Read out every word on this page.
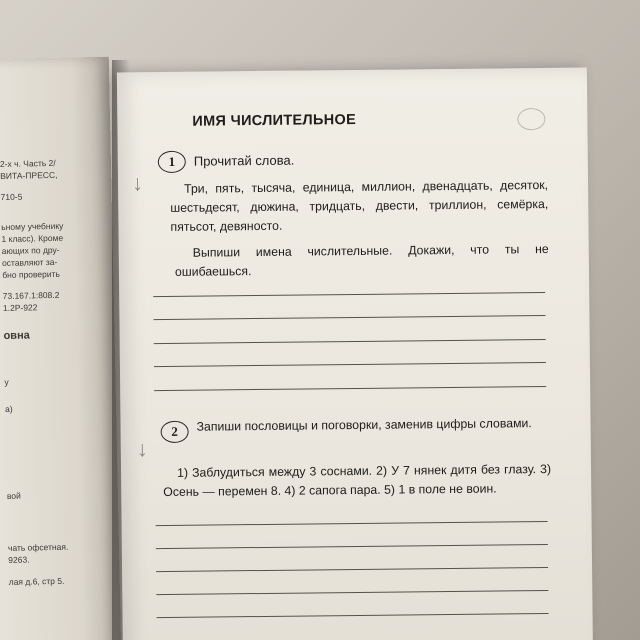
2-х ч. Часть 2/
ВИТА-ПРЕСС,
710-5
ьному учебнику
1 класс). Кроме
ающих по дру-
оставляют за-
бно проверить
73.167.1:808.2
1.2Р-922
овна
у
а)
вой
чать офсетная.
9263.
лая д.6, стр 5.
ИМЯ ЧИСЛИТЕЛЬНОЕ
1	Прочитай слова.
↓	Три, пять, тысяча, единица, миллион, двенадцать, десяток, шестьдесят, дюжина, тридцать, двести, триллион, семёрка, пятьсот, девяносто.
Выпиши имена числительные. Докажи, что ты не ошибаешься.
2	Запиши пословицы и поговорки, заменив цифры словами.
↓
1) Заблудиться между 3 соснами. 2) У 7 нянек дитя без глазу. 3) Осень — перемен 8. 4) 2 сапога пара. 5) 1 в поле не воин.
